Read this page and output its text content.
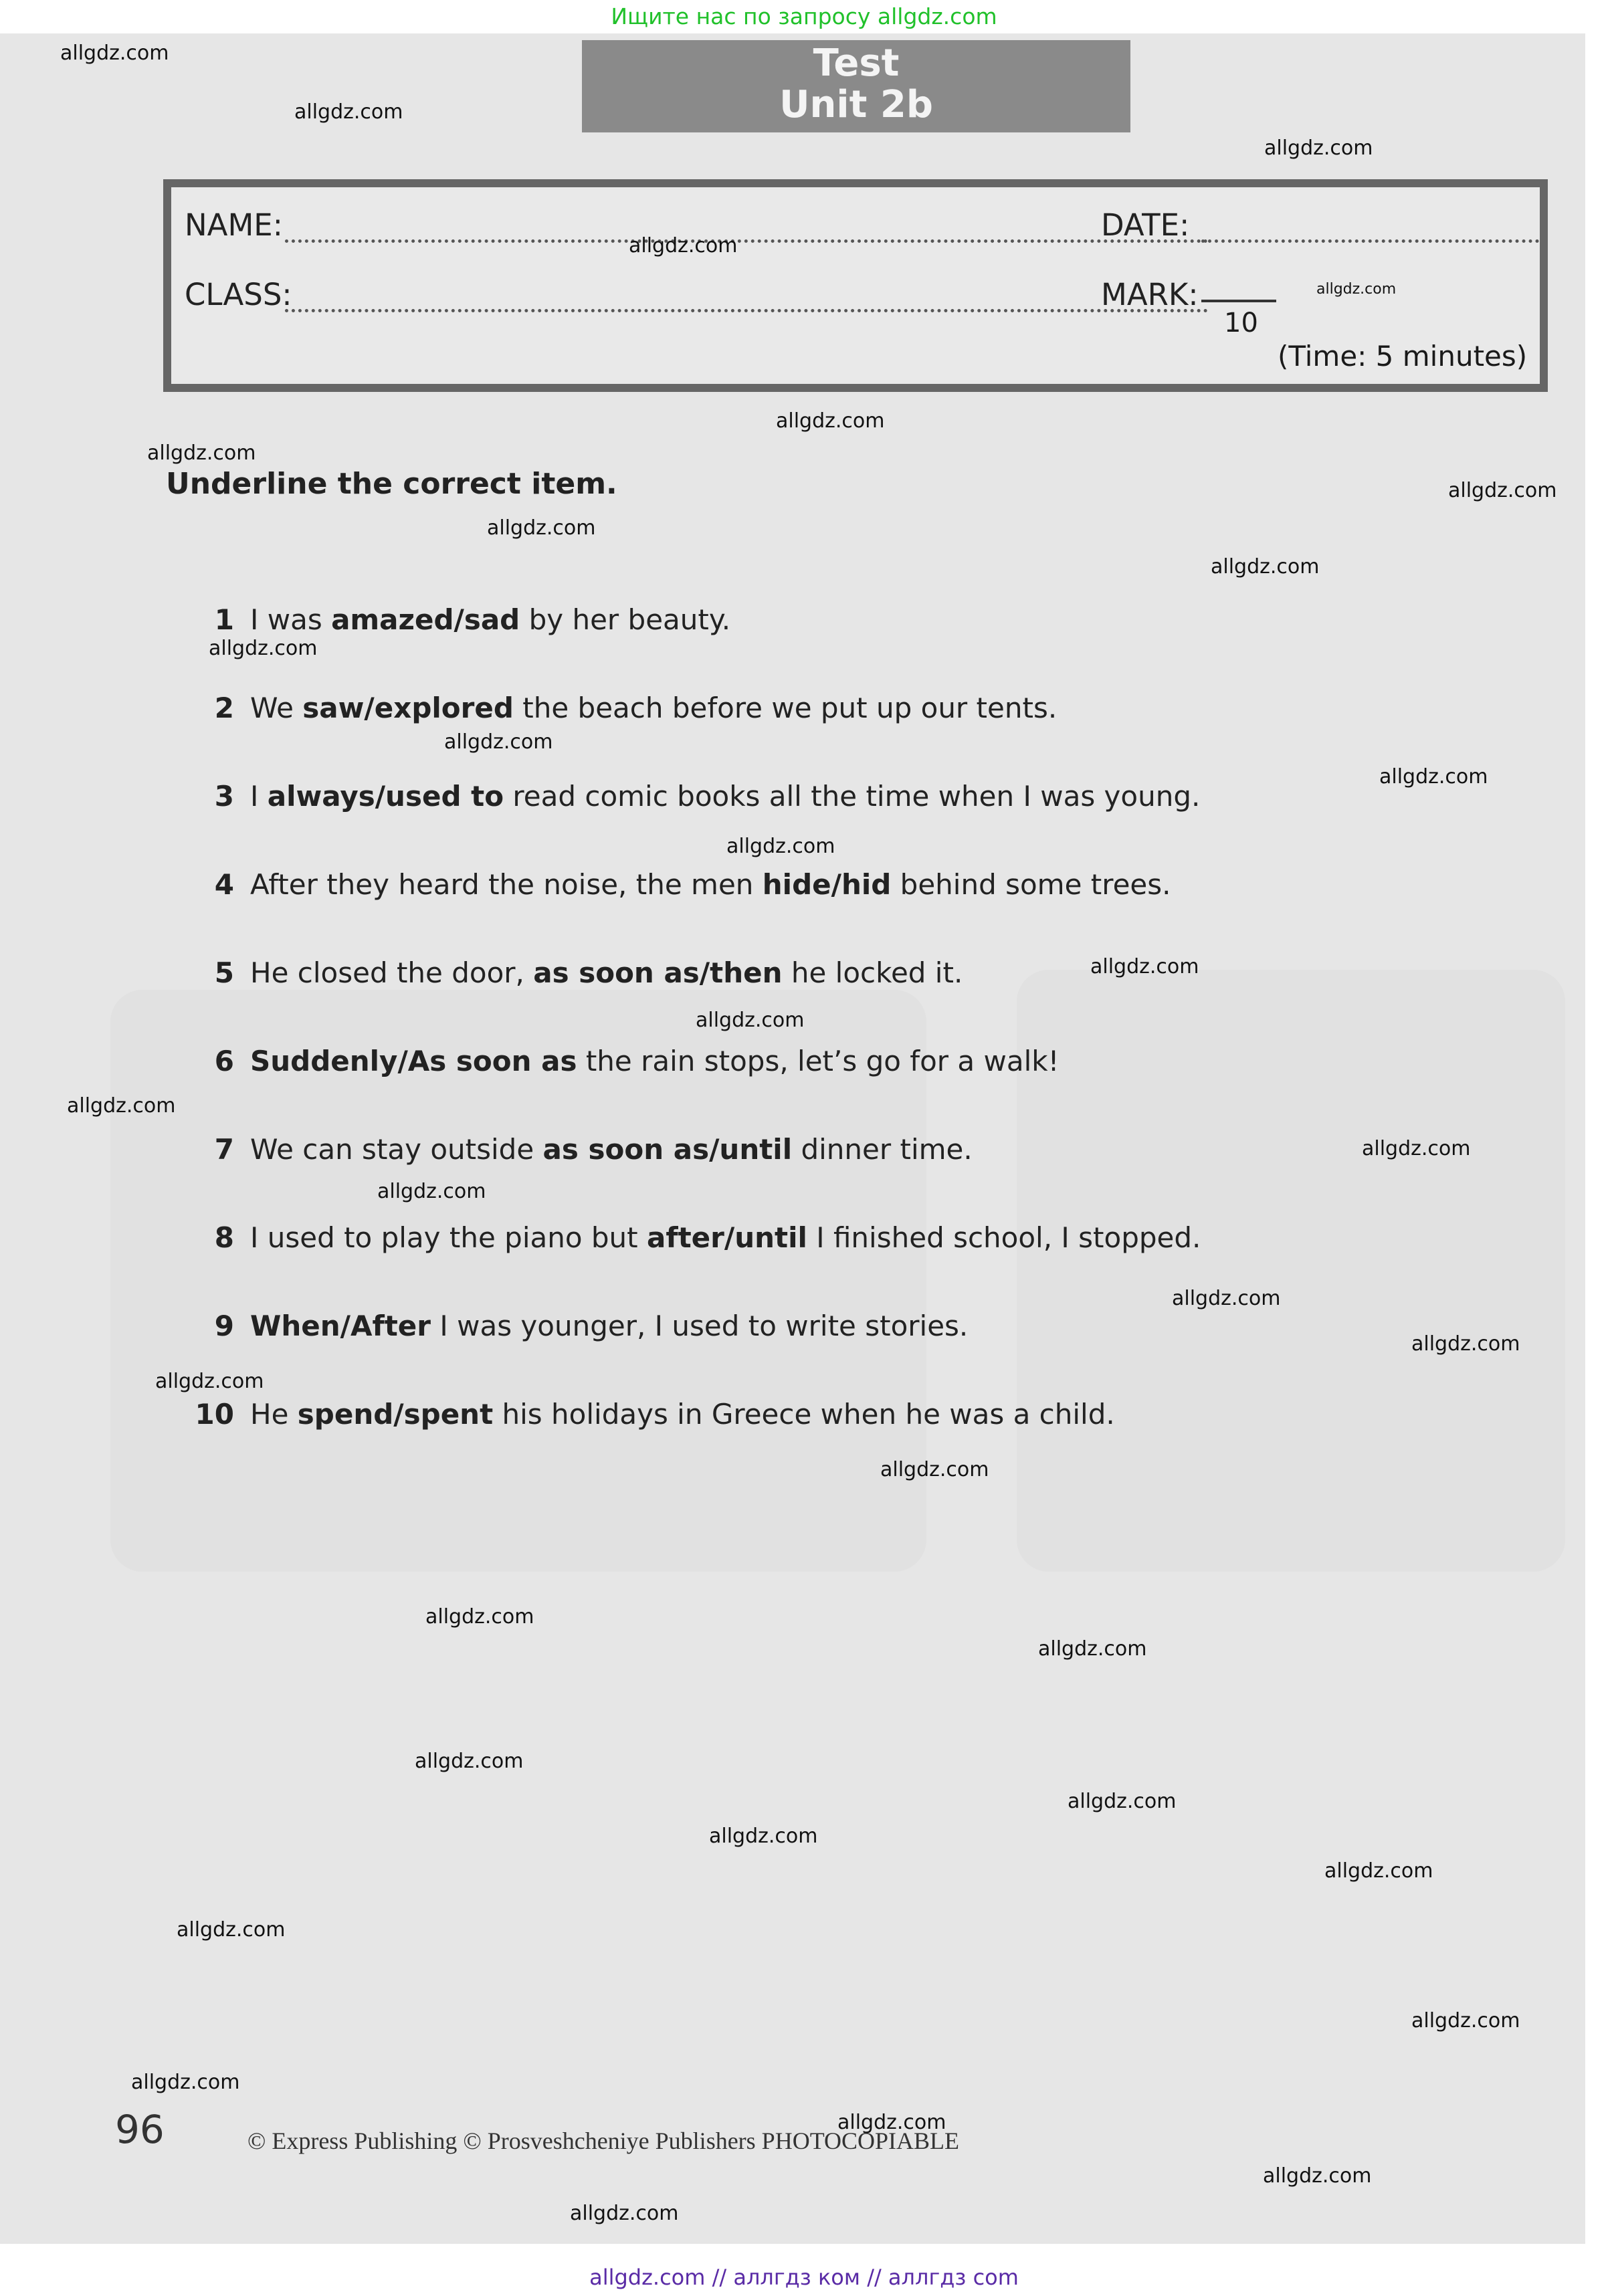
Ищите нас по запросу allgdz.com
Test
Unit 2b
NAME:	DATE:
CLASS:	MARK:
10
(Time: 5 minutes)
Underline the correct item.
1 I was amazed/sad by her beauty.
2 We saw/explored the beach before we put up our tents.
3 I always/used to read comic books all the time when I was young.
4 After they heard the noise, the men hide/hid behind some trees.
5 He closed the door, as soon as/then he locked it.
6 Suddenly/As soon as the rain stops, let’s go for a walk!
7 We can stay outside as soon as/until dinner time.
8 I used to play the piano but after/until I finished school, I stopped.
9 When/After I was younger, I used to write stories.
10 He spend/spent his holidays in Greece when he was a child.
96	© Express Publishing © Prosveshcheniye Publishers PHOTOCOPIABLE
allgdz.com
allgdz.com
allgdz.com
allgdz.com
allgdz.com
allgdz.com
allgdz.com
allgdz.com
allgdz.com
allgdz.com
allgdz.com
allgdz.com
allgdz.com
allgdz.com
allgdz.com
allgdz.com
allgdz.com
allgdz.com
allgdz.com
allgdz.com
allgdz.com
allgdz.com
allgdz.com
allgdz.com
allgdz.com
allgdz.com
allgdz.com
allgdz.com
allgdz.com
allgdz.com
allgdz.com
allgdz.com
allgdz.com
allgdz.com
allgdz.com
allgdz.com // аллгдз ком // аллгдз com
